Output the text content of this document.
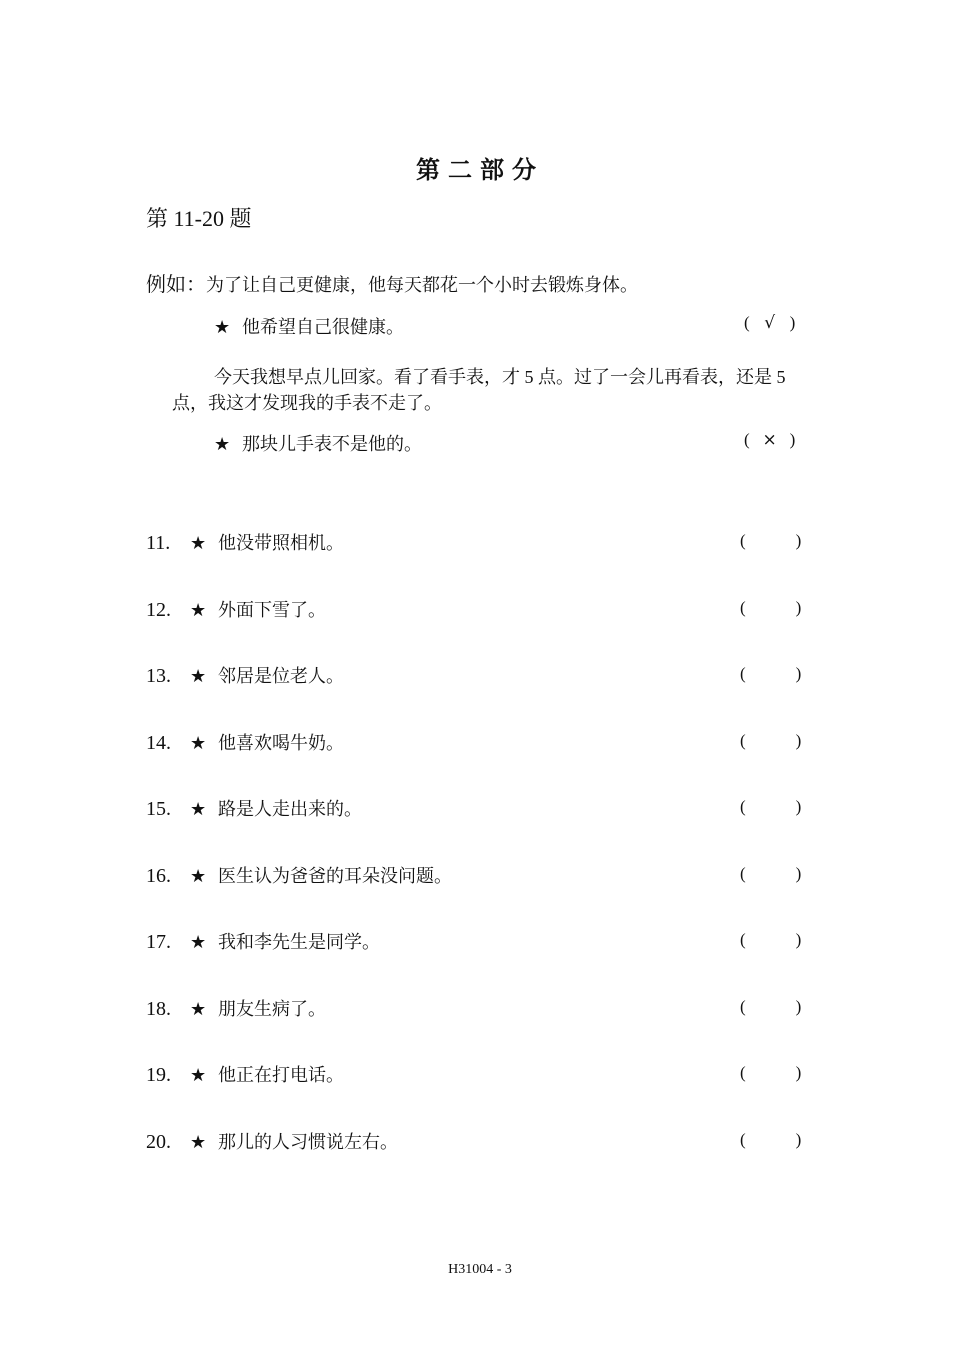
第二部分
第 11-20 题
例如：为了让自己更健康，他每天都花一个小时去锻炼身体。
★ 他希望自己很健康。	( √ )
今天我想早点儿回家。看了看手表，才 5 点。过了一会儿再看表，还是 5 点，我这才发现我的手表不走了。
★ 那块儿手表不是他的。	( × )
11. ★ 他没带照相机。	(	)
12. ★ 外面下雪了。	(	)
13. ★ 邻居是位老人。	(	)
14. ★ 他喜欢喝牛奶。	(	)
15. ★ 路是人走出来的。	(	)
16. ★ 医生认为爸爸的耳朵没问题。	(	)
17. ★ 我和李先生是同学。	(	)
18. ★ 朋友生病了。	(	)
19. ★ 他正在打电话。	(	)
20. ★ 那儿的人习惯说左右。	(	)
H31004 - 3
